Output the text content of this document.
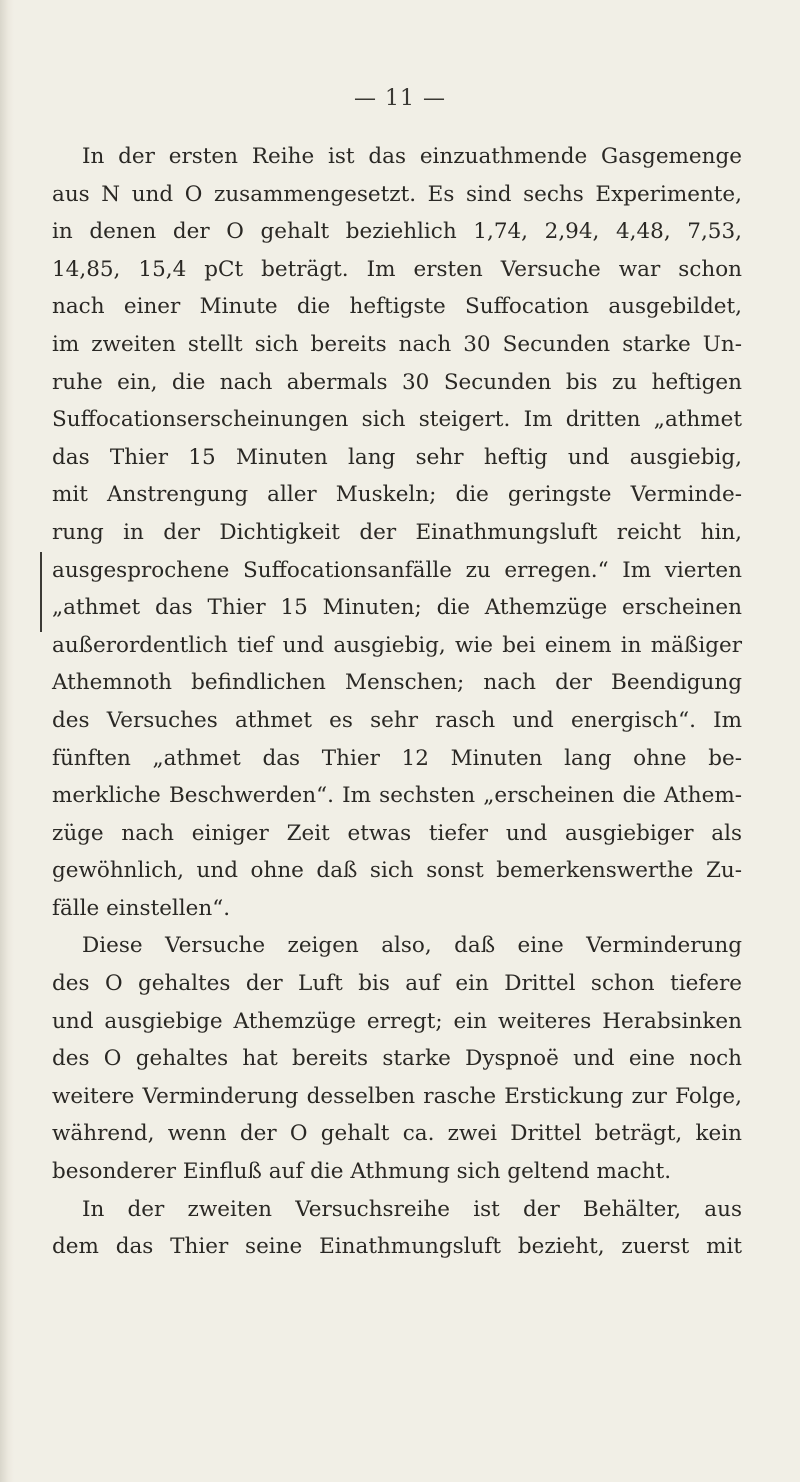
— 11 —
In der ersten Reihe ist das einzuathmende Gasgemenge
aus N und O zusammengesetzt. Es sind sechs Experimente,
in denen der O gehalt beziehlich 1,74, 2,94, 4,48, 7,53,
14,85, 15,4 pCt beträgt. Im ersten Versuche war schon
nach einer Minute die heftigste Suffocation ausgebildet,
im zweiten stellt sich bereits nach 30 Secunden starke Un-
ruhe ein, die nach abermals 30 Secunden bis zu heftigen
Suffocationserscheinungen sich steigert. Im dritten „athmet
das Thier 15 Minuten lang sehr heftig und ausgiebig,
mit Anstrengung aller Muskeln; die geringste Verminde-
rung in der Dichtigkeit der Einathmungsluft reicht hin,
ausgesprochene Suffocationsanfälle zu erregen.“ Im vierten
„athmet das Thier 15 Minuten; die Athemzüge erscheinen
außerordentlich tief und ausgiebig, wie bei einem in mäßiger
Athemnoth befindlichen Menschen; nach der Beendigung
des Versuches athmet es sehr rasch und energisch“. Im
fünften „athmet das Thier 12 Minuten lang ohne be-
merkliche Beschwerden“. Im sechsten „erscheinen die Athem-
züge nach einiger Zeit etwas tiefer und ausgiebiger als
gewöhnlich, und ohne daß sich sonst bemerkenswerthe Zu-
fälle einstellen“.
Diese Versuche zeigen also, daß eine Verminderung
des O gehaltes der Luft bis auf ein Drittel schon tiefere
und ausgiebige Athemzüge erregt; ein weiteres Herabsinken
des O gehaltes hat bereits starke Dyspnoë und eine noch
weitere Verminderung desselben rasche Erstickung zur Folge,
während, wenn der O gehalt ca. zwei Drittel beträgt, kein
besonderer Einfluß auf die Athmung sich geltend macht.
In der zweiten Versuchsreihe ist der Behälter, aus
dem das Thier seine Einathmungsluft bezieht, zuerst mit
